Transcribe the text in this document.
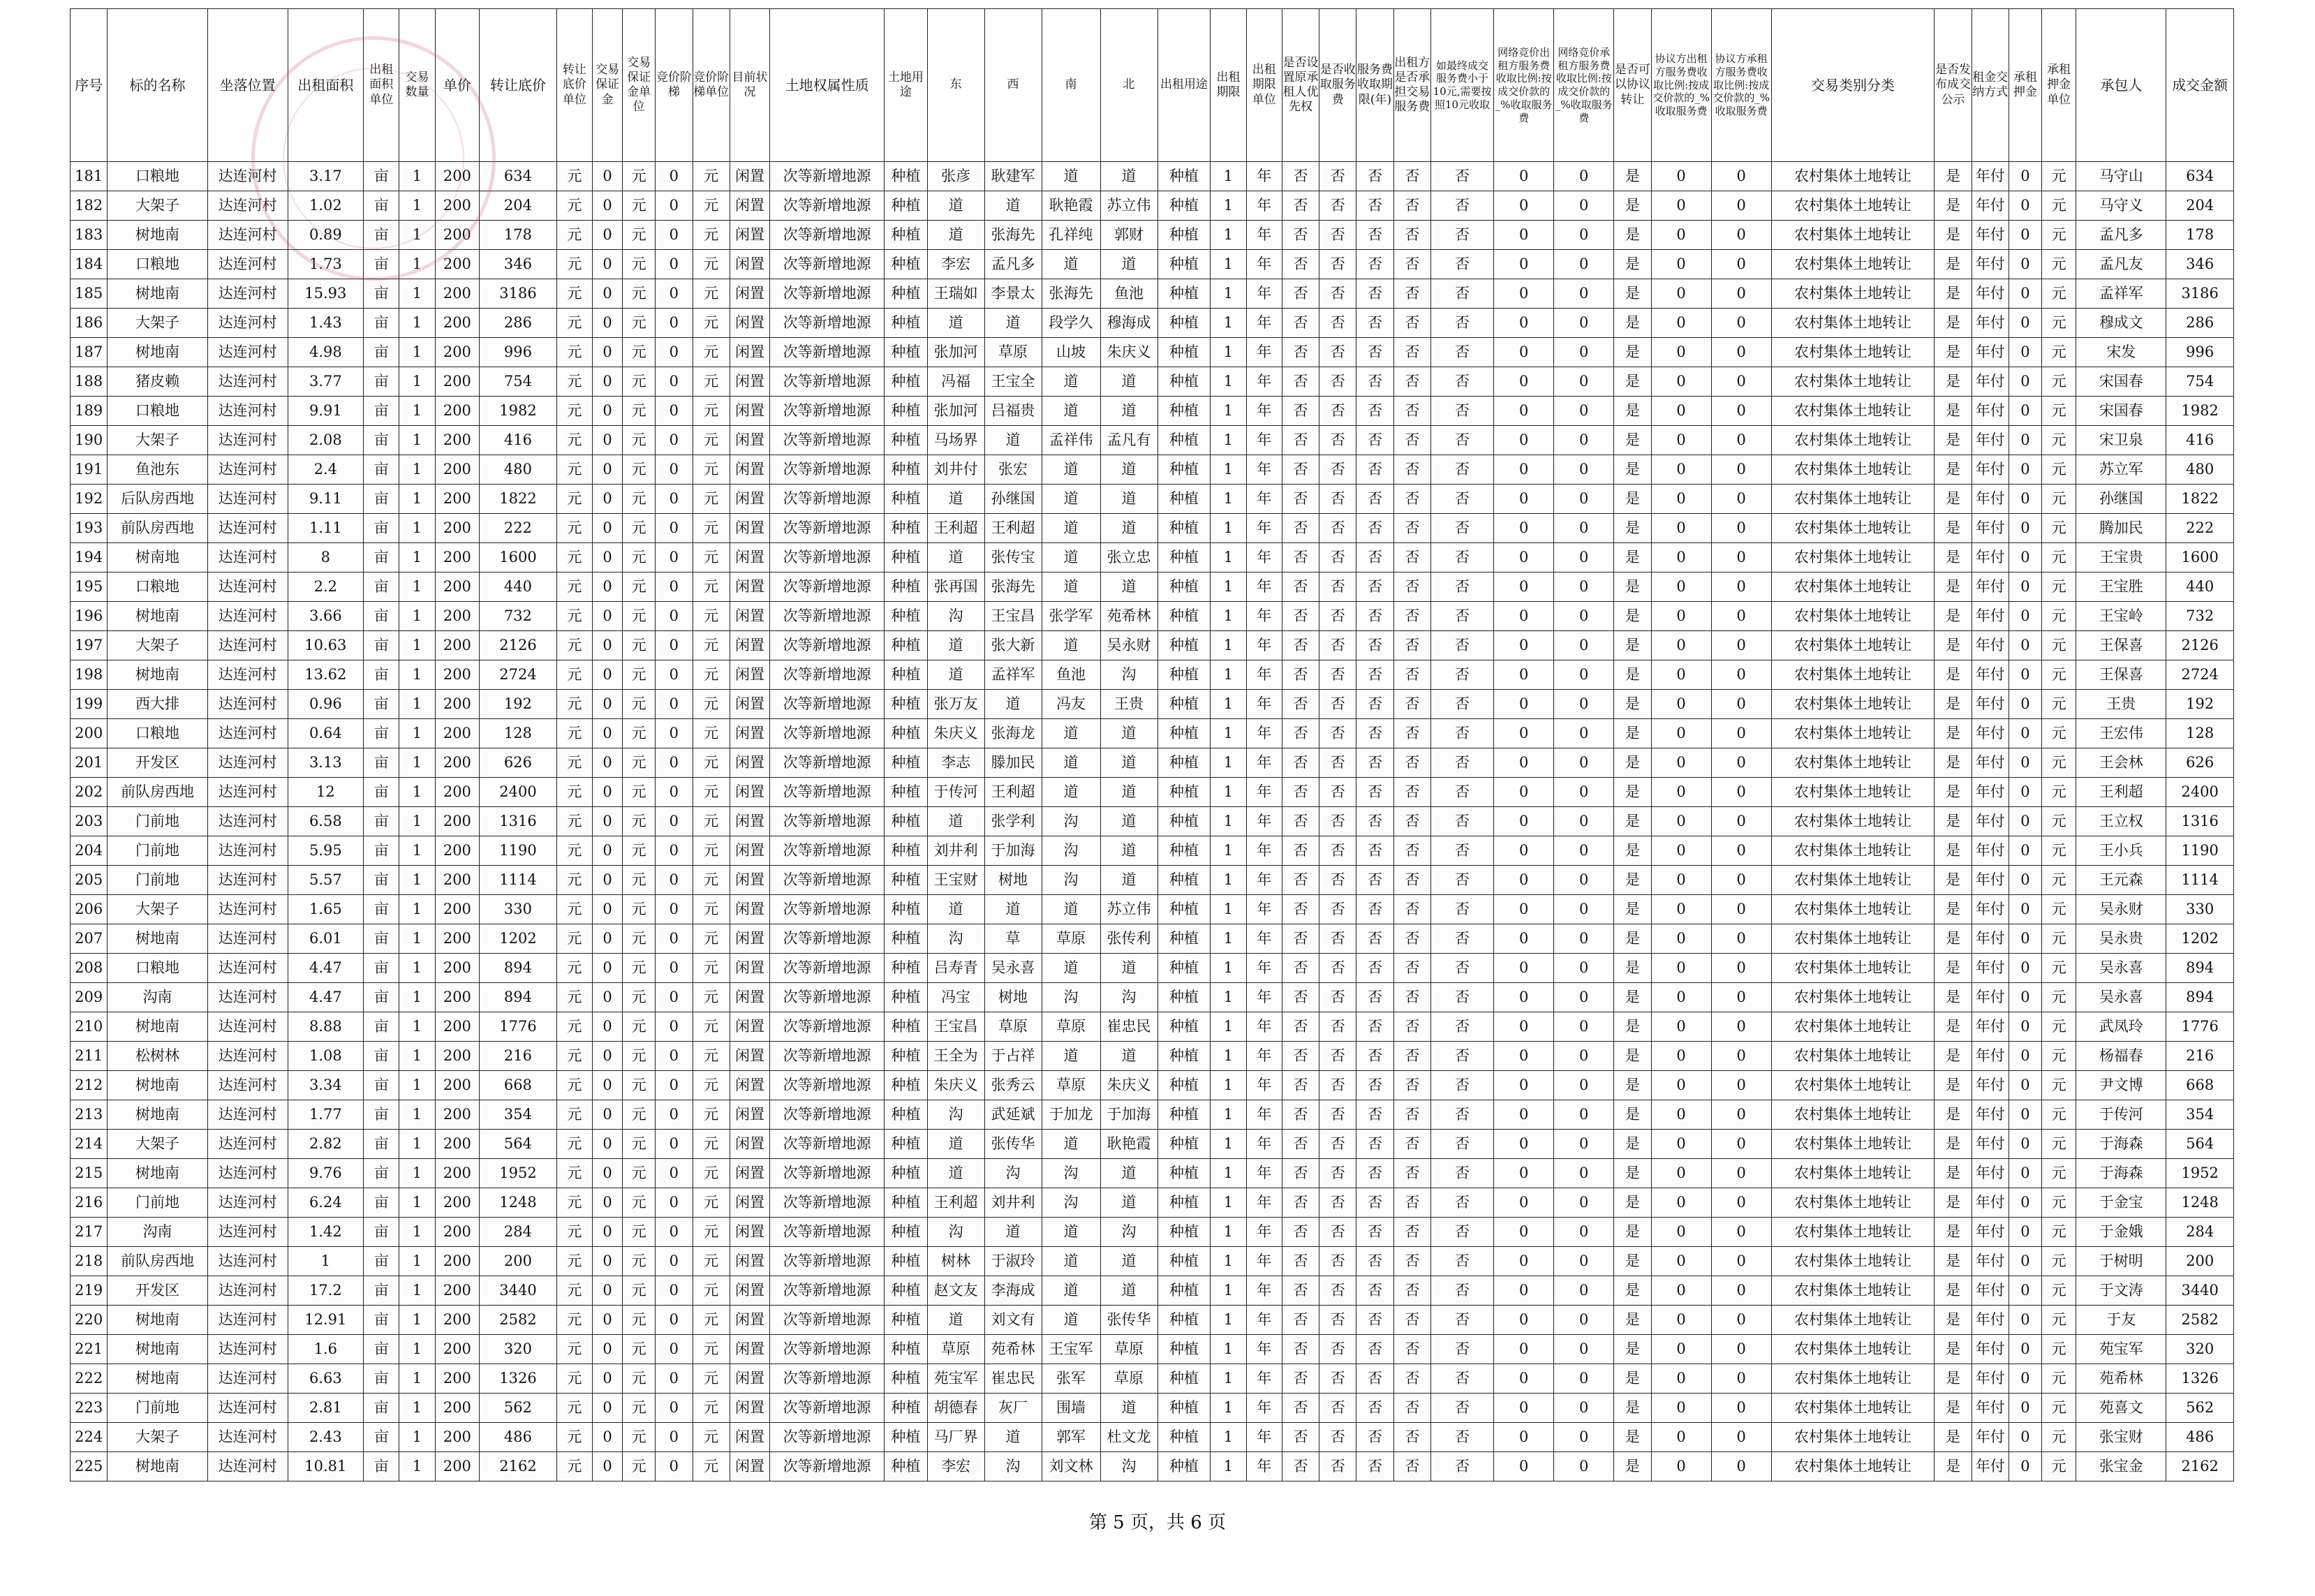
序号	标的名称	坐落位置	出租面积	出租面积单位	交易数量	单价	转让底价	转让底价单位	交易保证金	交易保证金单位	竞价阶梯	竞价阶梯单位	目前状况	土地权属性质	土地用途	东	西	南	北	出租用途	出租期限	出租期限单位	是否设置原承租人优先权	是否收取服务费	服务费收取期限(年)	出租方是否承担交易服务费	如最终成交服务费小于10元,需要按照10元收取	网络竞价出租方服务费收取比例:按成交价款的_%收取服务费	网络竞价承租方服务费收取比例:按成交价款的_%收取服务费	是否可以协议转让	协议方出租方服务费收取比例:按成交价款的_%收取服务费	协议方承租方服务费收取比例:按成交价款的_%收取服务费	交易类别分类	是否发布成交公示	租金交纳方式	承租押金	承租押金单位	承包人	成交金额
181	口粮地	达连河村	3.17	亩	1	200	634	元	0	元	0	元	闲置	次等新增地源	种植	张彦	耿建军	道	道	种植	1	年	否	否	否	否	否	0	0	是	0	0	农村集体土地转让	是	年付	0	元	马守山	634
182	大架子	达连河村	1.02	亩	1	200	204	元	0	元	0	元	闲置	次等新增地源	种植	道	道	耿艳霞	苏立伟	种植	1	年	否	否	否	否	否	0	0	是	0	0	农村集体土地转让	是	年付	0	元	马守义	204
183	树地南	达连河村	0.89	亩	1	200	178	元	0	元	0	元	闲置	次等新增地源	种植	道	张海先	孔祥纯	郭财	种植	1	年	否	否	否	否	否	0	0	是	0	0	农村集体土地转让	是	年付	0	元	孟凡多	178
184	口粮地	达连河村	1.73	亩	1	200	346	元	0	元	0	元	闲置	次等新增地源	种植	李宏	孟凡多	道	道	种植	1	年	否	否	否	否	否	0	0	是	0	0	农村集体土地转让	是	年付	0	元	孟凡友	346
185	树地南	达连河村	15.93	亩	1	200	3186	元	0	元	0	元	闲置	次等新增地源	种植	王瑞如	李景太	张海先	鱼池	种植	1	年	否	否	否	否	否	0	0	是	0	0	农村集体土地转让	是	年付	0	元	孟祥军	3186
186	大架子	达连河村	1.43	亩	1	200	286	元	0	元	0	元	闲置	次等新增地源	种植	道	道	段学久	穆海成	种植	1	年	否	否	否	否	否	0	0	是	0	0	农村集体土地转让	是	年付	0	元	穆成文	286
187	树地南	达连河村	4.98	亩	1	200	996	元	0	元	0	元	闲置	次等新增地源	种植	张加河	草原	山坡	朱庆义	种植	1	年	否	否	否	否	否	0	0	是	0	0	农村集体土地转让	是	年付	0	元	宋发	996
188	猪皮赖	达连河村	3.77	亩	1	200	754	元	0	元	0	元	闲置	次等新增地源	种植	冯福	王宝全	道	道	种植	1	年	否	否	否	否	否	0	0	是	0	0	农村集体土地转让	是	年付	0	元	宋国春	754
189	口粮地	达连河村	9.91	亩	1	200	1982	元	0	元	0	元	闲置	次等新增地源	种植	张加河	吕福贵	道	道	种植	1	年	否	否	否	否	否	0	0	是	0	0	农村集体土地转让	是	年付	0	元	宋国春	1982
190	大架子	达连河村	2.08	亩	1	200	416	元	0	元	0	元	闲置	次等新增地源	种植	马场界	道	孟祥伟	孟凡有	种植	1	年	否	否	否	否	否	0	0	是	0	0	农村集体土地转让	是	年付	0	元	宋卫泉	416
191	鱼池东	达连河村	2.4	亩	1	200	480	元	0	元	0	元	闲置	次等新增地源	种植	刘井付	张宏	道	道	种植	1	年	否	否	否	否	否	0	0	是	0	0	农村集体土地转让	是	年付	0	元	苏立军	480
192	后队房西地	达连河村	9.11	亩	1	200	1822	元	0	元	0	元	闲置	次等新增地源	种植	道	孙继国	道	道	种植	1	年	否	否	否	否	否	0	0	是	0	0	农村集体土地转让	是	年付	0	元	孙继国	1822
193	前队房西地	达连河村	1.11	亩	1	200	222	元	0	元	0	元	闲置	次等新增地源	种植	王利超	王利超	道	道	种植	1	年	否	否	否	否	否	0	0	是	0	0	农村集体土地转让	是	年付	0	元	腾加民	222
194	树南地	达连河村	8	亩	1	200	1600	元	0	元	0	元	闲置	次等新增地源	种植	道	张传宝	道	张立忠	种植	1	年	否	否	否	否	否	0	0	是	0	0	农村集体土地转让	是	年付	0	元	王宝贵	1600
195	口粮地	达连河村	2.2	亩	1	200	440	元	0	元	0	元	闲置	次等新增地源	种植	张再国	张海先	道	道	种植	1	年	否	否	否	否	否	0	0	是	0	0	农村集体土地转让	是	年付	0	元	王宝胜	440
196	树地南	达连河村	3.66	亩	1	200	732	元	0	元	0	元	闲置	次等新增地源	种植	沟	王宝昌	张学军	苑希林	种植	1	年	否	否	否	否	否	0	0	是	0	0	农村集体土地转让	是	年付	0	元	王宝岭	732
197	大架子	达连河村	10.63	亩	1	200	2126	元	0	元	0	元	闲置	次等新增地源	种植	道	张大新	道	吴永财	种植	1	年	否	否	否	否	否	0	0	是	0	0	农村集体土地转让	是	年付	0	元	王保喜	2126
198	树地南	达连河村	13.62	亩	1	200	2724	元	0	元	0	元	闲置	次等新增地源	种植	道	孟祥军	鱼池	沟	种植	1	年	否	否	否	否	否	0	0	是	0	0	农村集体土地转让	是	年付	0	元	王保喜	2724
199	西大排	达连河村	0.96	亩	1	200	192	元	0	元	0	元	闲置	次等新增地源	种植	张万友	道	冯友	王贵	种植	1	年	否	否	否	否	否	0	0	是	0	0	农村集体土地转让	是	年付	0	元	王贵	192
200	口粮地	达连河村	0.64	亩	1	200	128	元	0	元	0	元	闲置	次等新增地源	种植	朱庆义	张海龙	道	道	种植	1	年	否	否	否	否	否	0	0	是	0	0	农村集体土地转让	是	年付	0	元	王宏伟	128
201	开发区	达连河村	3.13	亩	1	200	626	元	0	元	0	元	闲置	次等新增地源	种植	李志	滕加民	道	道	种植	1	年	否	否	否	否	否	0	0	是	0	0	农村集体土地转让	是	年付	0	元	王会林	626
202	前队房西地	达连河村	12	亩	1	200	2400	元	0	元	0	元	闲置	次等新增地源	种植	于传河	王利超	道	道	种植	1	年	否	否	否	否	否	0	0	是	0	0	农村集体土地转让	是	年付	0	元	王利超	2400
203	门前地	达连河村	6.58	亩	1	200	1316	元	0	元	0	元	闲置	次等新增地源	种植	道	张学利	沟	道	种植	1	年	否	否	否	否	否	0	0	是	0	0	农村集体土地转让	是	年付	0	元	王立权	1316
204	门前地	达连河村	5.95	亩	1	200	1190	元	0	元	0	元	闲置	次等新增地源	种植	刘井利	于加海	沟	道	种植	1	年	否	否	否	否	否	0	0	是	0	0	农村集体土地转让	是	年付	0	元	王小兵	1190
205	门前地	达连河村	5.57	亩	1	200	1114	元	0	元	0	元	闲置	次等新增地源	种植	王宝财	树地	沟	道	种植	1	年	否	否	否	否	否	0	0	是	0	0	农村集体土地转让	是	年付	0	元	王元森	1114
206	大架子	达连河村	1.65	亩	1	200	330	元	0	元	0	元	闲置	次等新增地源	种植	道	道	道	苏立伟	种植	1	年	否	否	否	否	否	0	0	是	0	0	农村集体土地转让	是	年付	0	元	吴永财	330
207	树地南	达连河村	6.01	亩	1	200	1202	元	0	元	0	元	闲置	次等新增地源	种植	沟	草	草原	张传利	种植	1	年	否	否	否	否	否	0	0	是	0	0	农村集体土地转让	是	年付	0	元	吴永贵	1202
208	口粮地	达连河村	4.47	亩	1	200	894	元	0	元	0	元	闲置	次等新增地源	种植	吕寿青	吴永喜	道	道	种植	1	年	否	否	否	否	否	0	0	是	0	0	农村集体土地转让	是	年付	0	元	吴永喜	894
209	沟南	达连河村	4.47	亩	1	200	894	元	0	元	0	元	闲置	次等新增地源	种植	冯宝	树地	沟	沟	种植	1	年	否	否	否	否	否	0	0	是	0	0	农村集体土地转让	是	年付	0	元	吴永喜	894
210	树地南	达连河村	8.88	亩	1	200	1776	元	0	元	0	元	闲置	次等新增地源	种植	王宝昌	草原	草原	崔忠民	种植	1	年	否	否	否	否	否	0	0	是	0	0	农村集体土地转让	是	年付	0	元	武凤玲	1776
211	松树林	达连河村	1.08	亩	1	200	216	元	0	元	0	元	闲置	次等新增地源	种植	王全为	于占祥	道	道	种植	1	年	否	否	否	否	否	0	0	是	0	0	农村集体土地转让	是	年付	0	元	杨福春	216
212	树地南	达连河村	3.34	亩	1	200	668	元	0	元	0	元	闲置	次等新增地源	种植	朱庆义	张秀云	草原	朱庆义	种植	1	年	否	否	否	否	否	0	0	是	0	0	农村集体土地转让	是	年付	0	元	尹文博	668
213	树地南	达连河村	1.77	亩	1	200	354	元	0	元	0	元	闲置	次等新增地源	种植	沟	武延斌	于加龙	于加海	种植	1	年	否	否	否	否	否	0	0	是	0	0	农村集体土地转让	是	年付	0	元	于传河	354
214	大架子	达连河村	2.82	亩	1	200	564	元	0	元	0	元	闲置	次等新增地源	种植	道	张传华	道	耿艳霞	种植	1	年	否	否	否	否	否	0	0	是	0	0	农村集体土地转让	是	年付	0	元	于海森	564
215	树地南	达连河村	9.76	亩	1	200	1952	元	0	元	0	元	闲置	次等新增地源	种植	道	沟	沟	道	种植	1	年	否	否	否	否	否	0	0	是	0	0	农村集体土地转让	是	年付	0	元	于海森	1952
216	门前地	达连河村	6.24	亩	1	200	1248	元	0	元	0	元	闲置	次等新增地源	种植	王利超	刘井利	沟	道	种植	1	年	否	否	否	否	否	0	0	是	0	0	农村集体土地转让	是	年付	0	元	于金宝	1248
217	沟南	达连河村	1.42	亩	1	200	284	元	0	元	0	元	闲置	次等新增地源	种植	沟	道	道	沟	种植	1	年	否	否	否	否	否	0	0	是	0	0	农村集体土地转让	是	年付	0	元	于金娥	284
218	前队房西地	达连河村	1	亩	1	200	200	元	0	元	0	元	闲置	次等新增地源	种植	树林	于淑玲	道	道	种植	1	年	否	否	否	否	否	0	0	是	0	0	农村集体土地转让	是	年付	0	元	于树明	200
219	开发区	达连河村	17.2	亩	1	200	3440	元	0	元	0	元	闲置	次等新增地源	种植	赵文友	李海成	道	道	种植	1	年	否	否	否	否	否	0	0	是	0	0	农村集体土地转让	是	年付	0	元	于文涛	3440
220	树地南	达连河村	12.91	亩	1	200	2582	元	0	元	0	元	闲置	次等新增地源	种植	道	刘文有	道	张传华	种植	1	年	否	否	否	否	否	0	0	是	0	0	农村集体土地转让	是	年付	0	元	于友	2582
221	树地南	达连河村	1.6	亩	1	200	320	元	0	元	0	元	闲置	次等新增地源	种植	草原	苑希林	王宝军	草原	种植	1	年	否	否	否	否	否	0	0	是	0	0	农村集体土地转让	是	年付	0	元	苑宝军	320
222	树地南	达连河村	6.63	亩	1	200	1326	元	0	元	0	元	闲置	次等新增地源	种植	苑宝军	崔忠民	张军	草原	种植	1	年	否	否	否	否	否	0	0	是	0	0	农村集体土地转让	是	年付	0	元	苑希林	1326
223	门前地	达连河村	2.81	亩	1	200	562	元	0	元	0	元	闲置	次等新增地源	种植	胡德春	灰厂	围墙	道	种植	1	年	否	否	否	否	否	0	0	是	0	0	农村集体土地转让	是	年付	0	元	苑喜文	562
224	大架子	达连河村	2.43	亩	1	200	486	元	0	元	0	元	闲置	次等新增地源	种植	马厂界	道	郭军	杜文龙	种植	1	年	否	否	否	否	否	0	0	是	0	0	农村集体土地转让	是	年付	0	元	张宝财	486
225	树地南	达连河村	10.81	亩	1	200	2162	元	0	元	0	元	闲置	次等新增地源	种植	李宏	沟	刘文林	沟	种植	1	年	否	否	否	否	否	0	0	是	0	0	农村集体土地转让	是	年付	0	元	张宝金	2162
第 5 页，共 6 页
